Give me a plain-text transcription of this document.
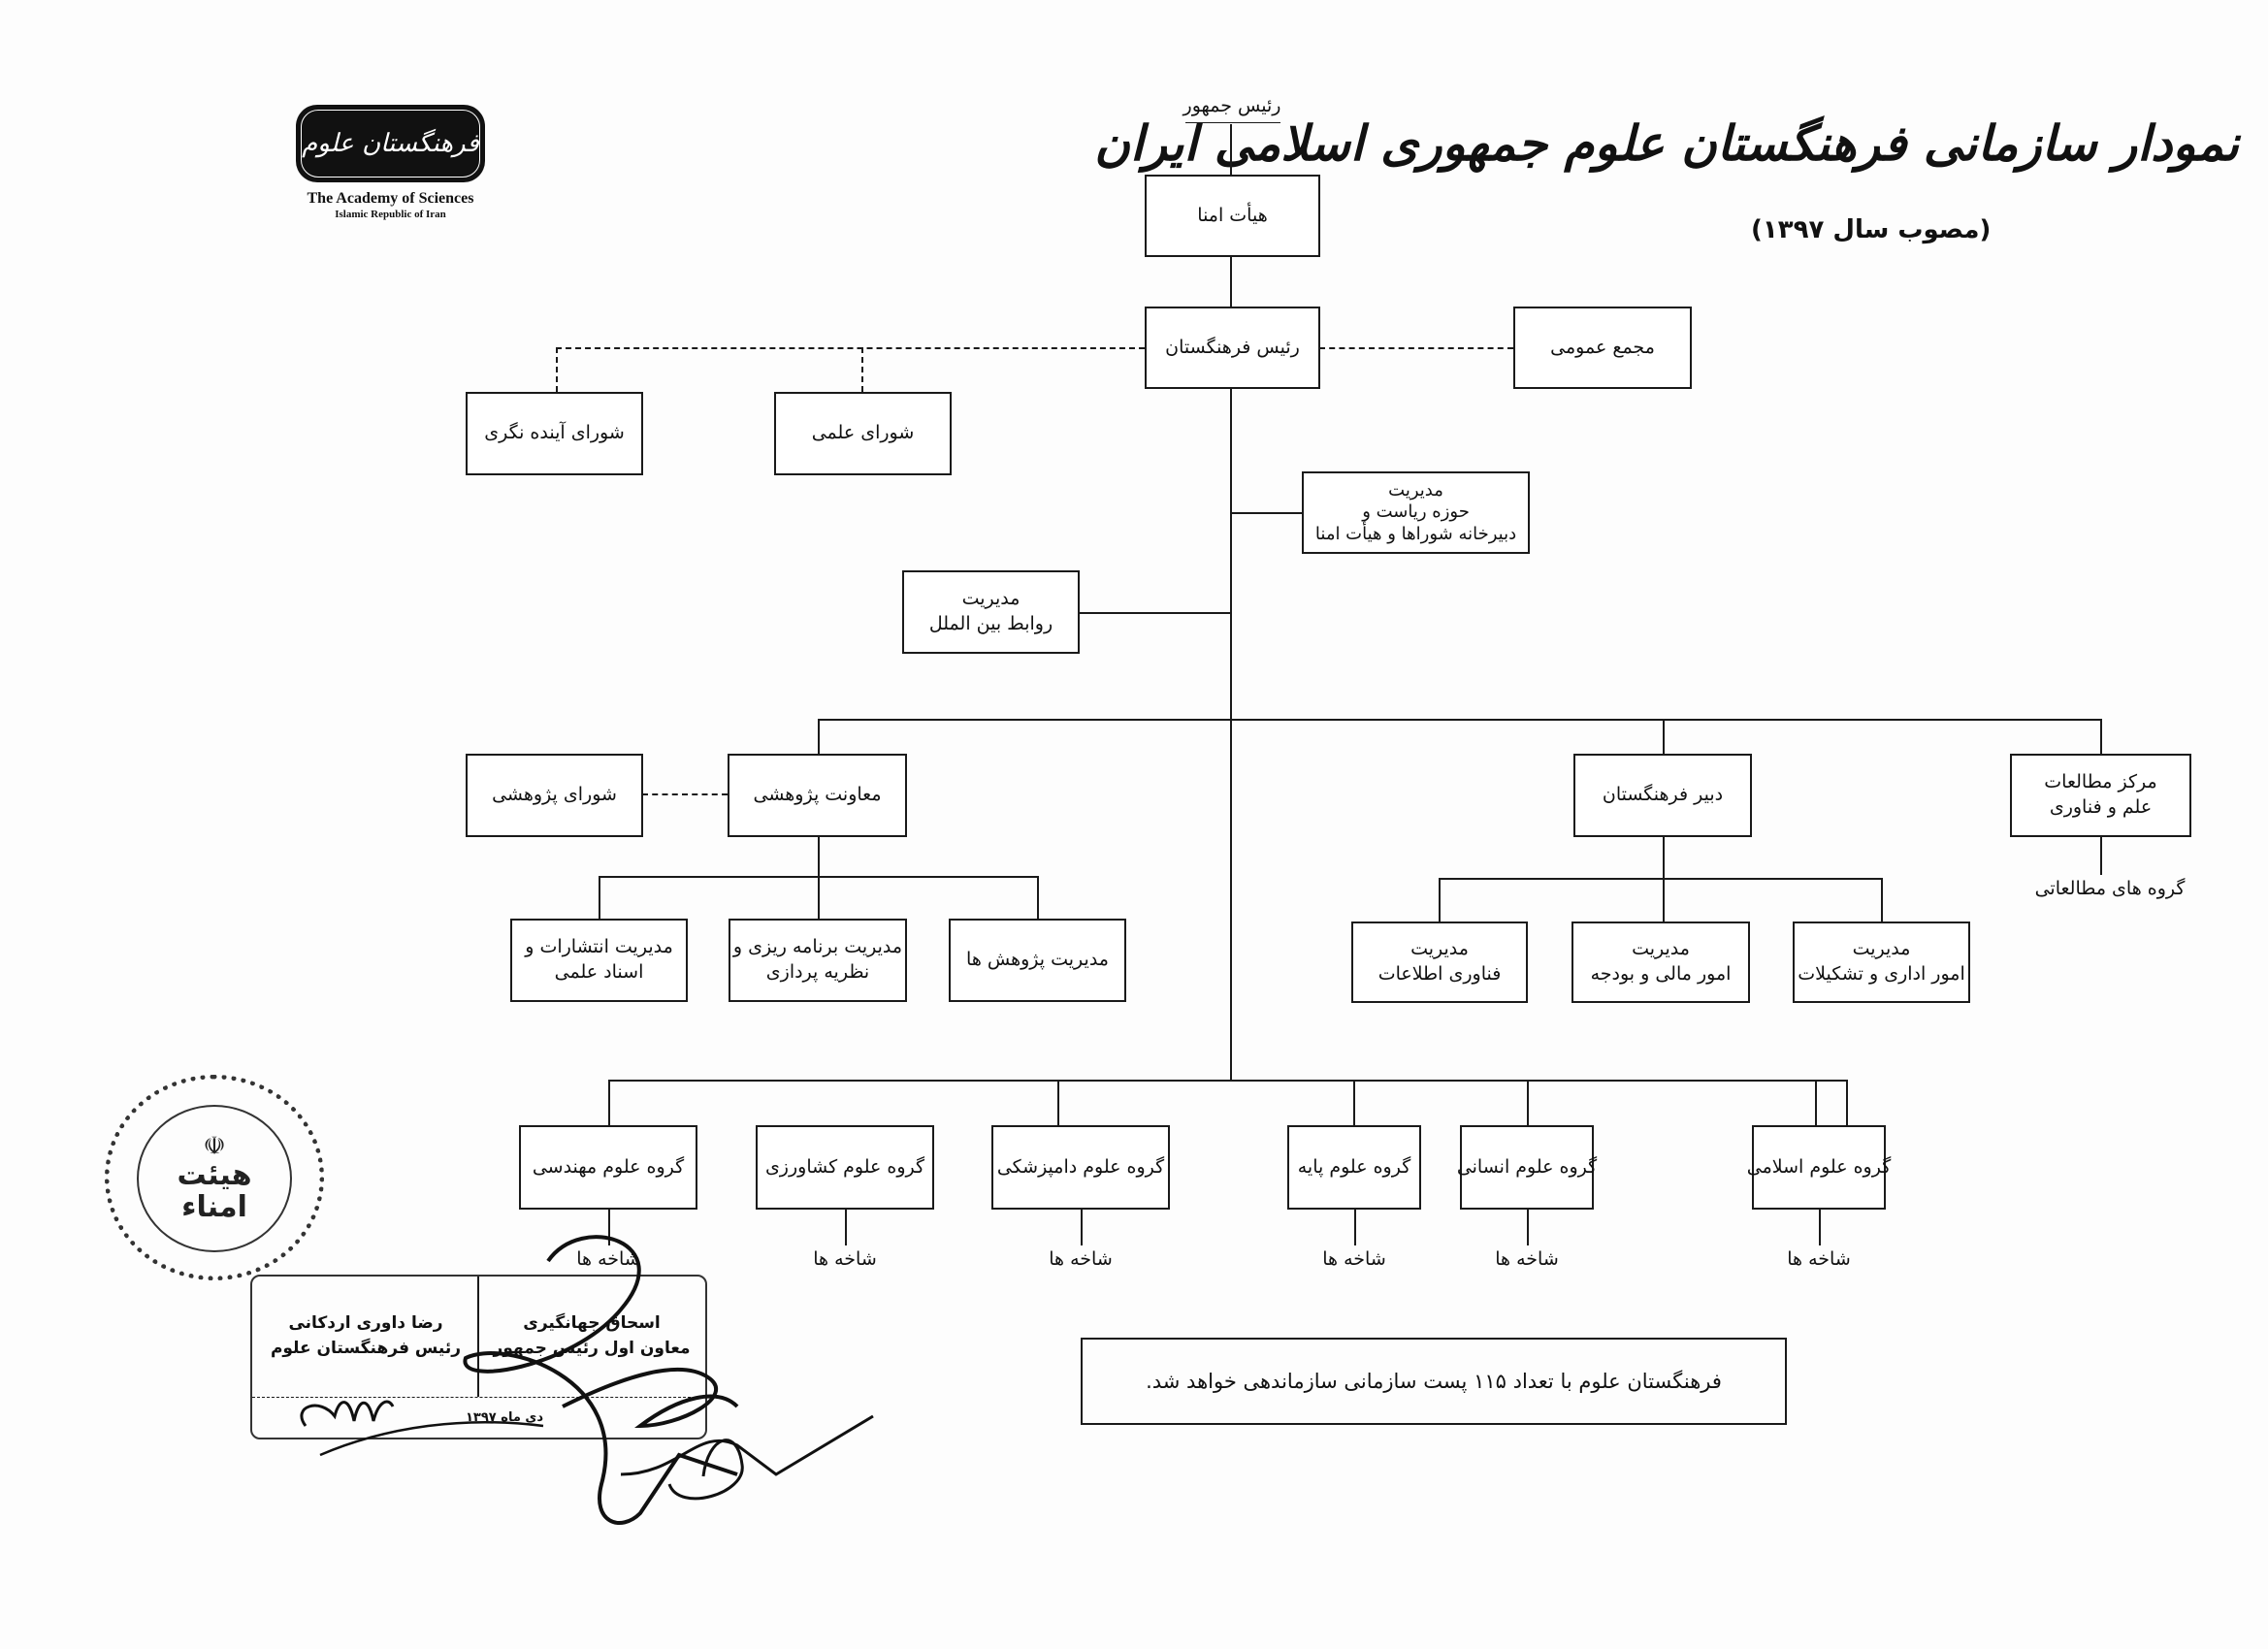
نمودار سازمانی فرهنگستان علوم جمهوری اسلامی ایران
(مصوب سال ۱۳۹۷)
فرهنگستان علوم
The Academy of Sciences
Islamic Republic of Iran
رئیس جمهور
هیأت امنا
رئیس فرهنگستان	مجمع عمومی
شورای آینده نگری	شورای علمی
مدیریت
حوزه ریاست و
دبیرخانه شوراها و هیأت امنا
مدیریت
روابط بین الملل
شورای پژوهشی	معاونت پژوهشی	دبیر فرهنگستان
مرکز مطالعات
علم و فناوری
گروه های مطالعاتی
مدیریت انتشارات و
اسناد علمی
مدیریت برنامه ریزی و
نظریه پردازی
مدیریت پژوهش ها	مدیریت
فناوری اطلاعات
مدیریت
امور مالی و بودجه
مدیریت
امور اداری و تشکیلات
گروه علوم مهندسی	گروه علوم کشاورزی	گروه علوم دامپزشکی	گروه علوم پایه	گروه علوم انسانی	گروه علوم اسلامی
شاخه ها	شاخه ها	شاخه ها	شاخه ها	شاخه ها	شاخه ها
فرهنگستان علوم با تعداد ۱۱۵ پست سازمانی سازماندهی خواهد شد.
☫
هیئت
امناء
رضا داوری اردکانی
رئیس فرهنگستان علوم
اسحاق جهانگیری
معاون اول رئیس جمهور
دی ماه ۱۳۹۷
